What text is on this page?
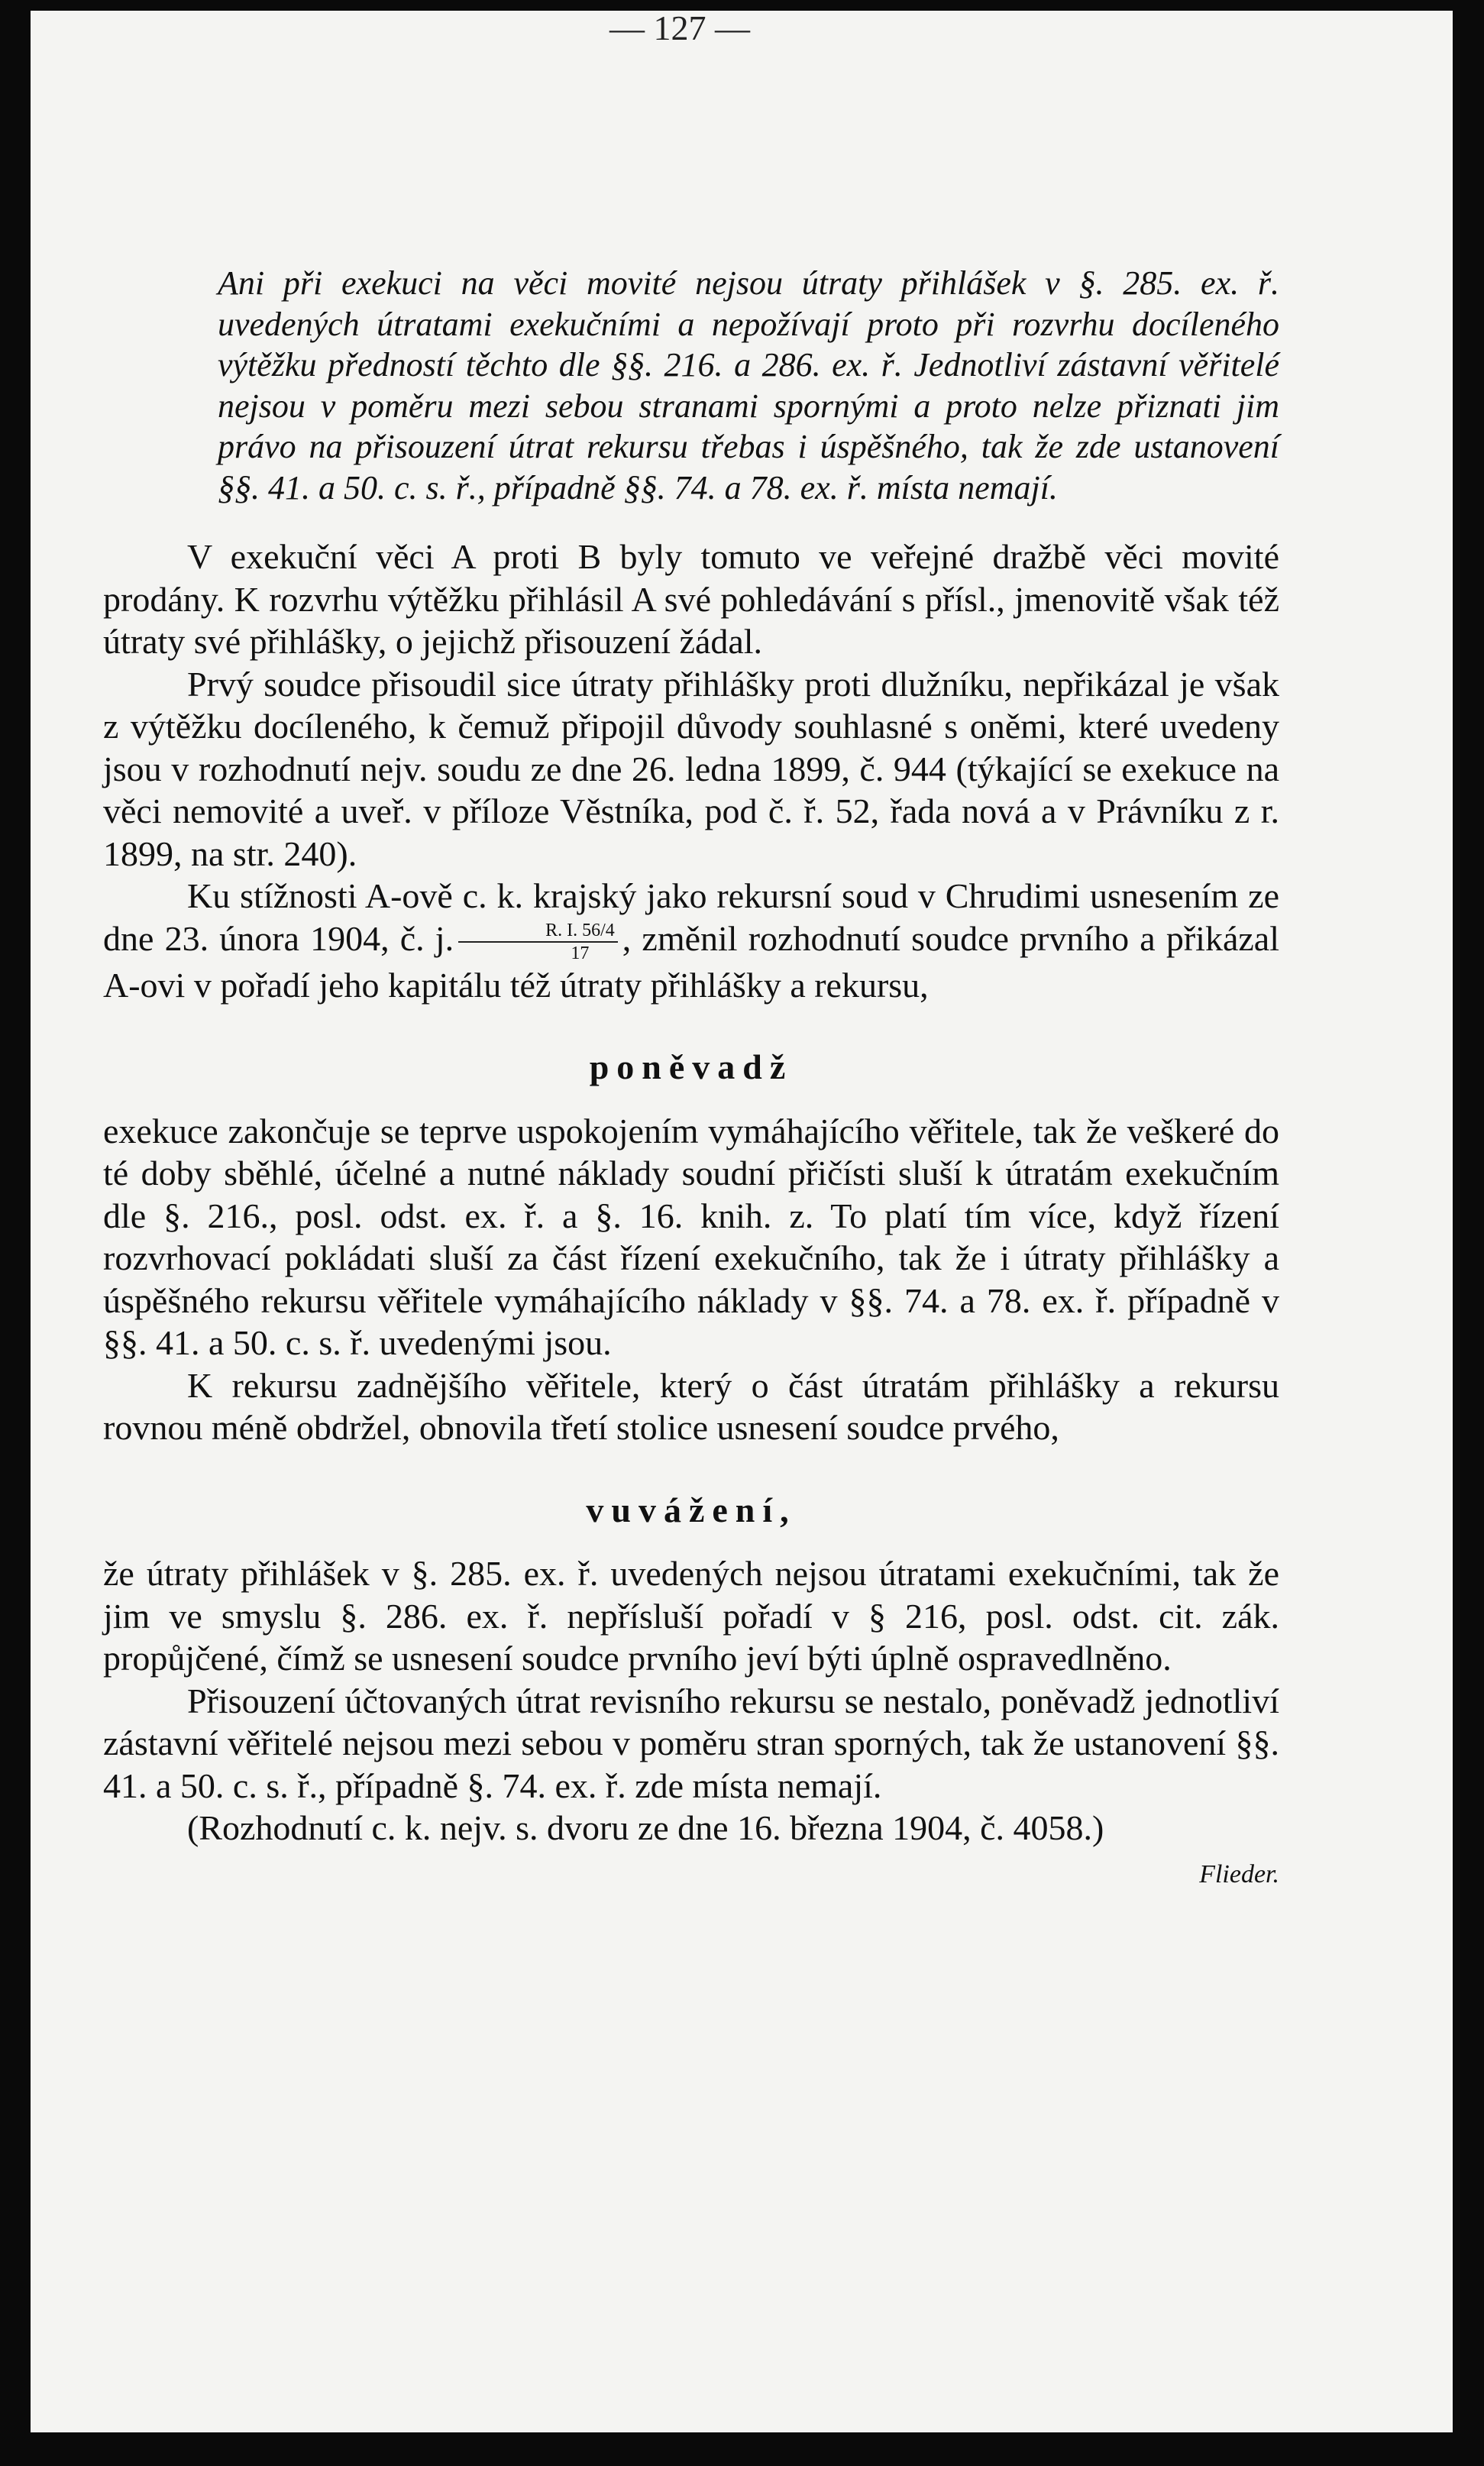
— 127 —

Ani při exekuci na věci movité nejsou útraty přihlášek v §. 285. ex. ř. uvedených útratami exekučními a nepožívají proto při rozvrhu docíleného výtěžku předností těchto dle §§. 216. a 286. ex. ř. Jednotliví zástavní věřitelé nejsou v poměru mezi sebou stranami spornými a proto nelze přiznati jim právo na přisouzení útrat rekursu třebas i úspěšného, tak že zde ustanovení §§. 41. a 50. c. s. ř., případně §§. 74. a 78. ex. ř. místa nemají.

V exekuční věci A proti B byly tomuto ve veřejné dražbě věci movité prodány. K rozvrhu výtěžku přihlásil A své pohledávání s přísl., jmenovitě však též útraty své přihlášky, o jejichž přisouzení žádal.

Prvý soudce přisoudil sice útraty přihlášky proti dlužníku, nepřikázal je však z výtěžku docíleného, k čemuž připojil důvody souhlasné s oněmi, které uvedeny jsou v rozhodnutí nejv. soudu ze dne 26. ledna 1899, č. 944 (týkající se exekuce na věci nemovité a uveř. v příloze Věstníka, pod č. ř. 52, řada nová a v Právníku z r. 1899, na str. 240).

Ku stížnosti A-ově c. k. krajský jako rekursní soud v Chrudimi usnesením ze dne 23. února 1904, č. j. $\frac{R. I. 56/4}{17}$ , změnil rozhodnutí soudce prvního a přikázal A-ovi v pořadí jeho kapitálu též útraty přihlášky a rekursu,

poněvadž

exekuce zakončuje se teprve uspokojením vymáhajícího věřitele, tak že veškeré do té doby sběhlé, účelné a nutné náklady soudní přičísti sluší k útratám exekučním dle §. 216., posl. odst. ex. ř. a §. 16. knih. z. To platí tím více, když řízení rozvrhovací pokládati sluší za část řízení exekučního, tak že i útraty přihlášky a úspěšného rekursu věřitele vymáhajícího náklady v §§. 74. a 78. ex. ř. případně v §§. 41. a 50. c. s. ř. uvedenými jsou.

K rekursu zadnějšího věřitele, který o část útratám přihlášky a rekursu rovnou méně obdržel, obnovila třetí stolice usnesení soudce prvého,

vuvážení,

že útraty přihlášek v §. 285. ex. ř. uvedených nejsou útratami exekučními, tak že jim ve smyslu §. 286. ex. ř. nepřísluší pořadí v § 216, posl. odst. cit. zák. propůjčené, čímž se usnesení soudce prvního jeví býti úplně ospravedlněno.

Přisouzení účtovaných útrat revisního rekursu se nestalo, poněvadž jednotliví zástavní věřitelé nejsou mezi sebou v poměru stran sporných, tak že ustanovení §§. 41. a 50. c. s. ř., případně §. 74. ex. ř. zde místa nemají.

(Rozhodnutí c. k. nejv. s. dvoru ze dne 16. března 1904, č. 4058.)

Flieder.
